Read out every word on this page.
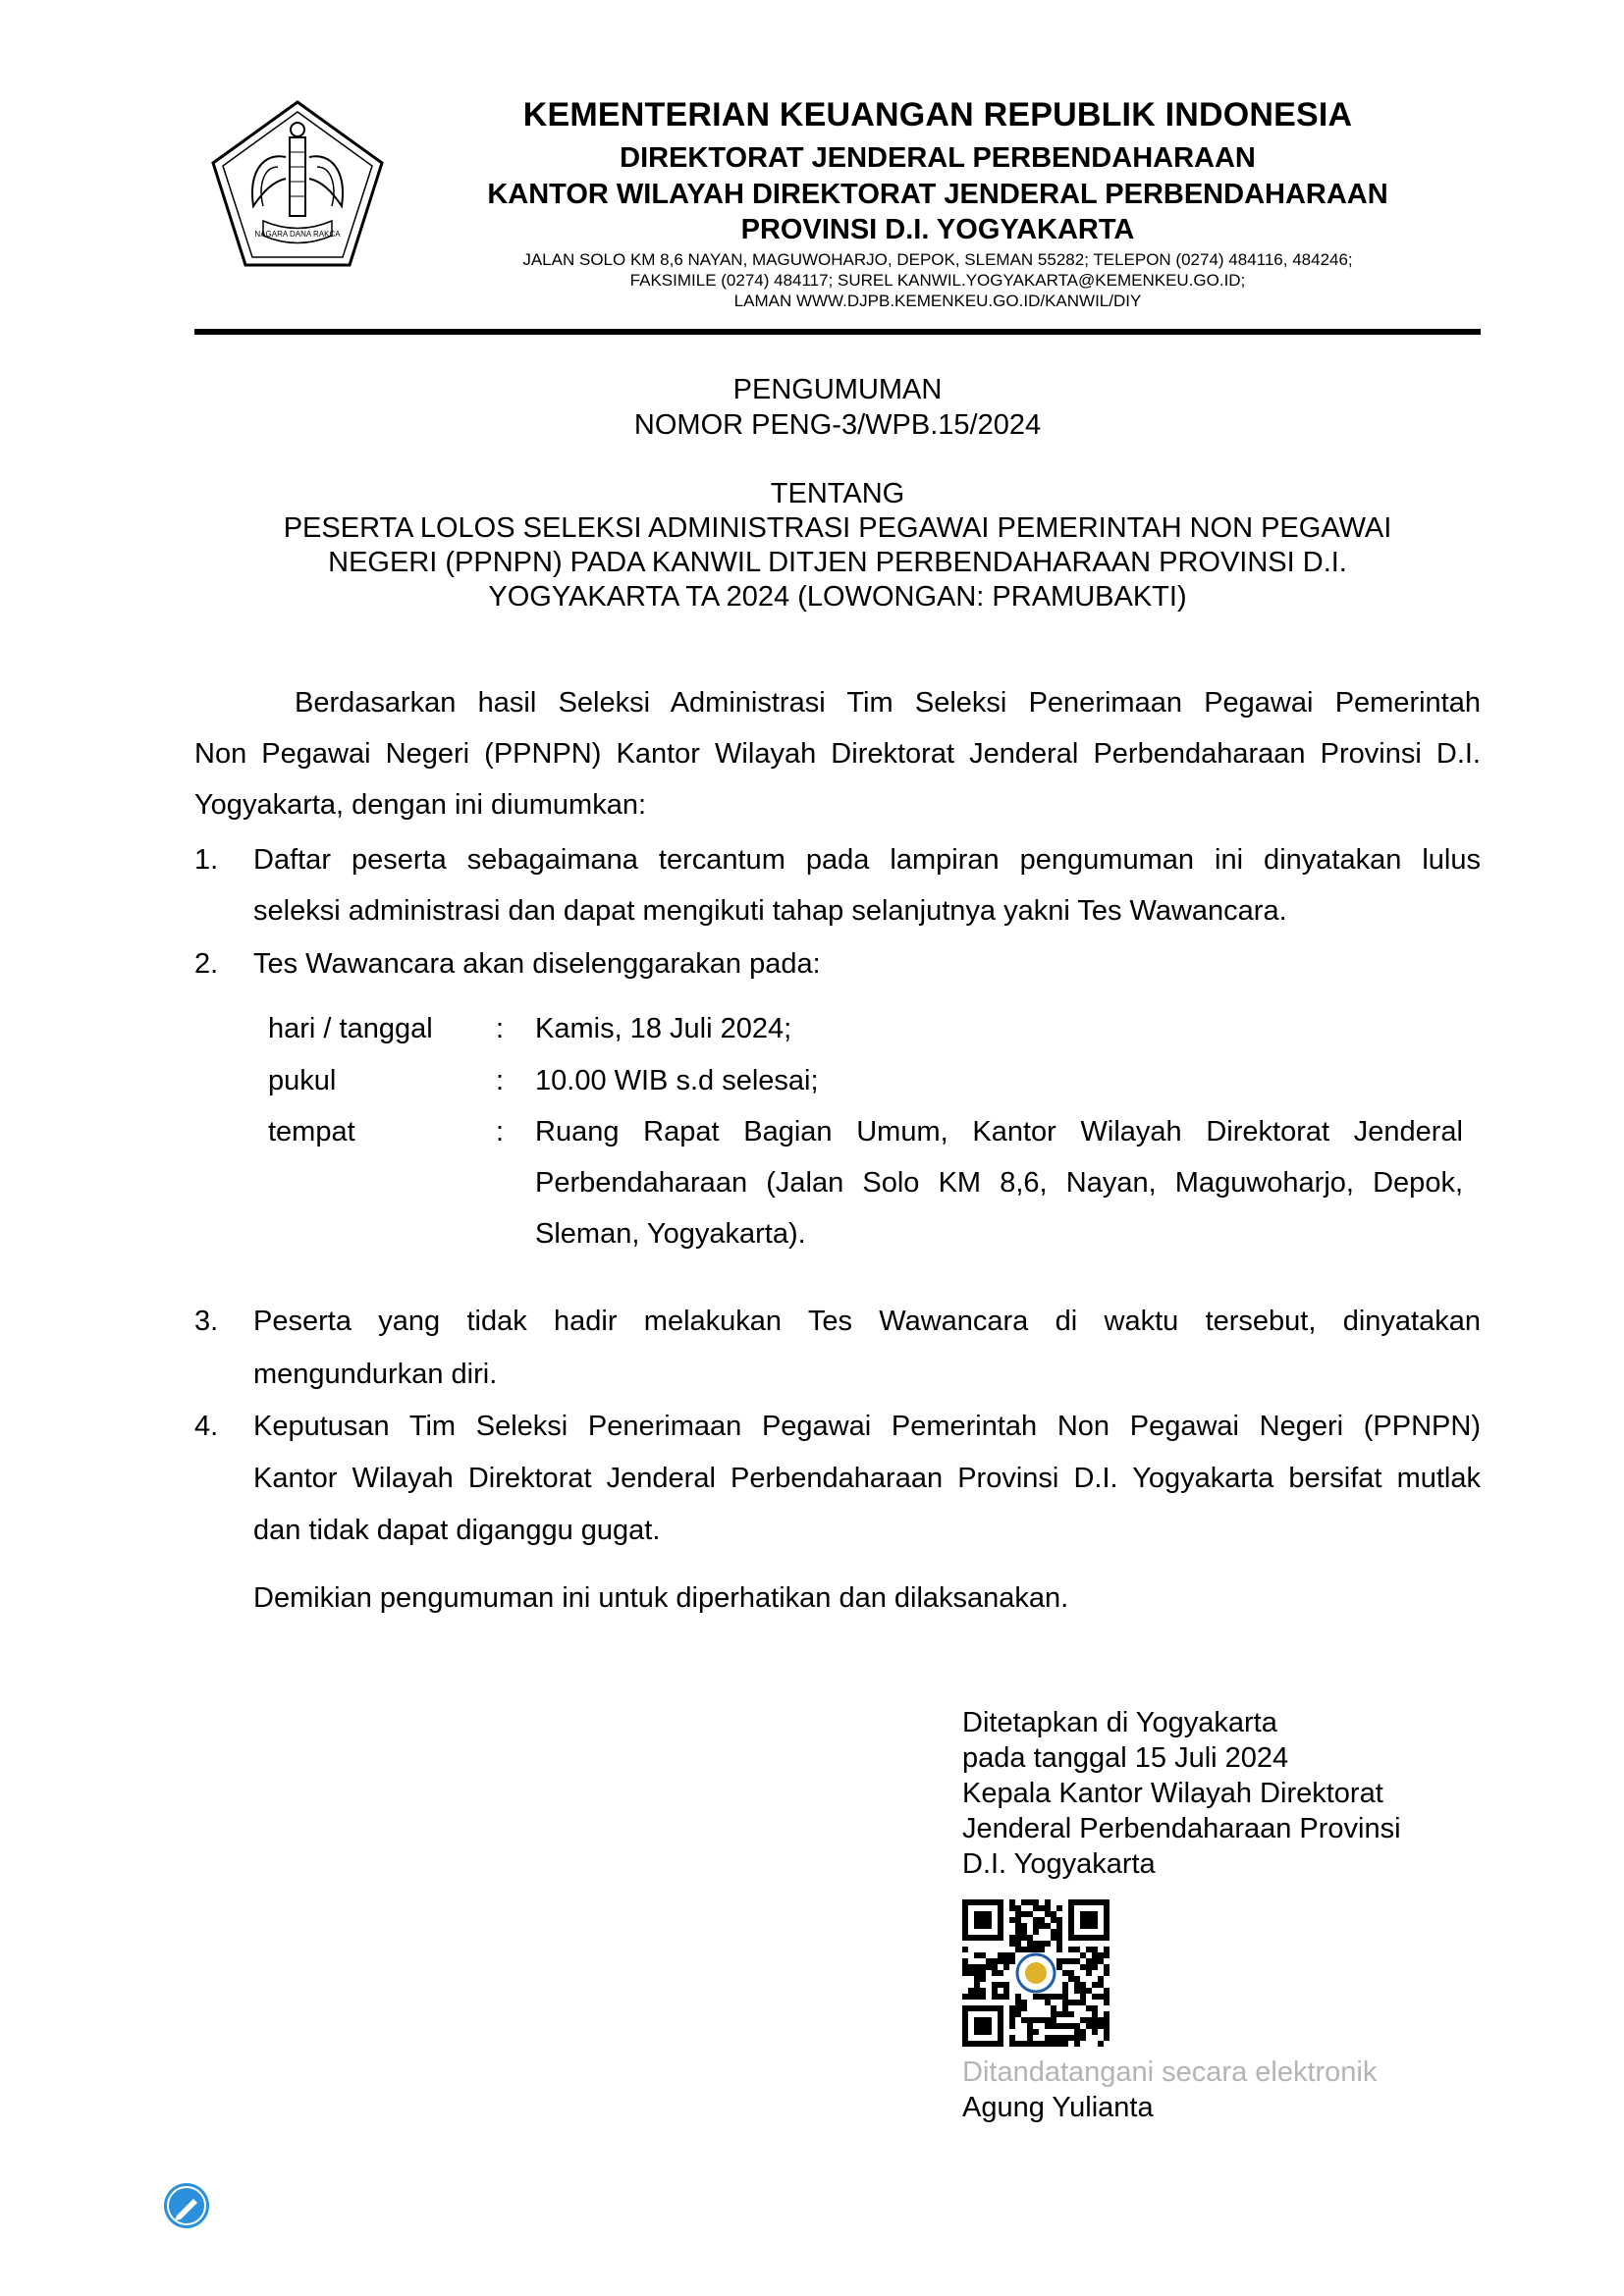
NAGARA DANA RAKCA
KEMENTERIAN KEUANGAN REPUBLIK INDONESIA
DIREKTORAT JENDERAL PERBENDAHARAAN
KANTOR WILAYAH DIREKTORAT JENDERAL PERBENDAHARAAN
PROVINSI D.I. YOGYAKARTA
JALAN SOLO KM 8,6 NAYAN, MAGUWOHARJO, DEPOK, SLEMAN 55282; TELEPON (0274) 484116, 484246;
FAKSIMILE (0274) 484117; SUREL KANWIL.YOGYAKARTA@KEMENKEU.GO.ID;
LAMAN WWW.DJPB.KEMENKEU.GO.ID/KANWIL/DIY
PENGUMUMAN
NOMOR PENG-3/WPB.15/2024
TENTANG
PESERTA LOLOS SELEKSI ADMINISTRASI PEGAWAI PEMERINTAH NON PEGAWAI
NEGERI (PPNPN) PADA KANWIL DITJEN PERBENDAHARAAN PROVINSI D.I.
YOGYAKARTA TA 2024 (LOWONGAN: PRAMUBAKTI)
Berdasarkan hasil Seleksi Administrasi Tim Seleksi Penerimaan Pegawai Pemerintah
Non Pegawai Negeri (PPNPN) Kantor Wilayah Direktorat Jenderal Perbendaharaan Provinsi D.I.
Yogyakarta, dengan ini diumumkan:
1. Daftar peserta sebagaimana tercantum pada lampiran pengumuman ini dinyatakan lulus
seleksi administrasi dan dapat mengikuti tahap selanjutnya yakni Tes Wawancara.
2. Tes Wawancara akan diselenggarakan pada:
hari / tanggal : Kamis, 18 Juli 2024;
pukul	: 10.00 WIB s.d selesai;
tempat	: Ruang Rapat Bagian Umum, Kantor Wilayah Direktorat Jenderal
Perbendaharaan (Jalan Solo KM 8,6, Nayan, Maguwoharjo, Depok,
Sleman, Yogyakarta).
3. Peserta yang tidak hadir melakukan Tes Wawancara di waktu tersebut, dinyatakan
mengundurkan diri.
4. Keputusan Tim Seleksi Penerimaan Pegawai Pemerintah Non Pegawai Negeri (PPNPN)
Kantor Wilayah Direktorat Jenderal Perbendaharaan Provinsi D.I. Yogyakarta bersifat mutlak
dan tidak dapat diganggu gugat.
Demikian pengumuman ini untuk diperhatikan dan dilaksanakan.
Ditetapkan di Yogyakarta
pada tanggal 15 Juli 2024
Kepala Kantor Wilayah Direktorat
Jenderal Perbendaharaan Provinsi
D.I. Yogyakarta
Ditandatangani secara elektronik
Agung Yulianta
